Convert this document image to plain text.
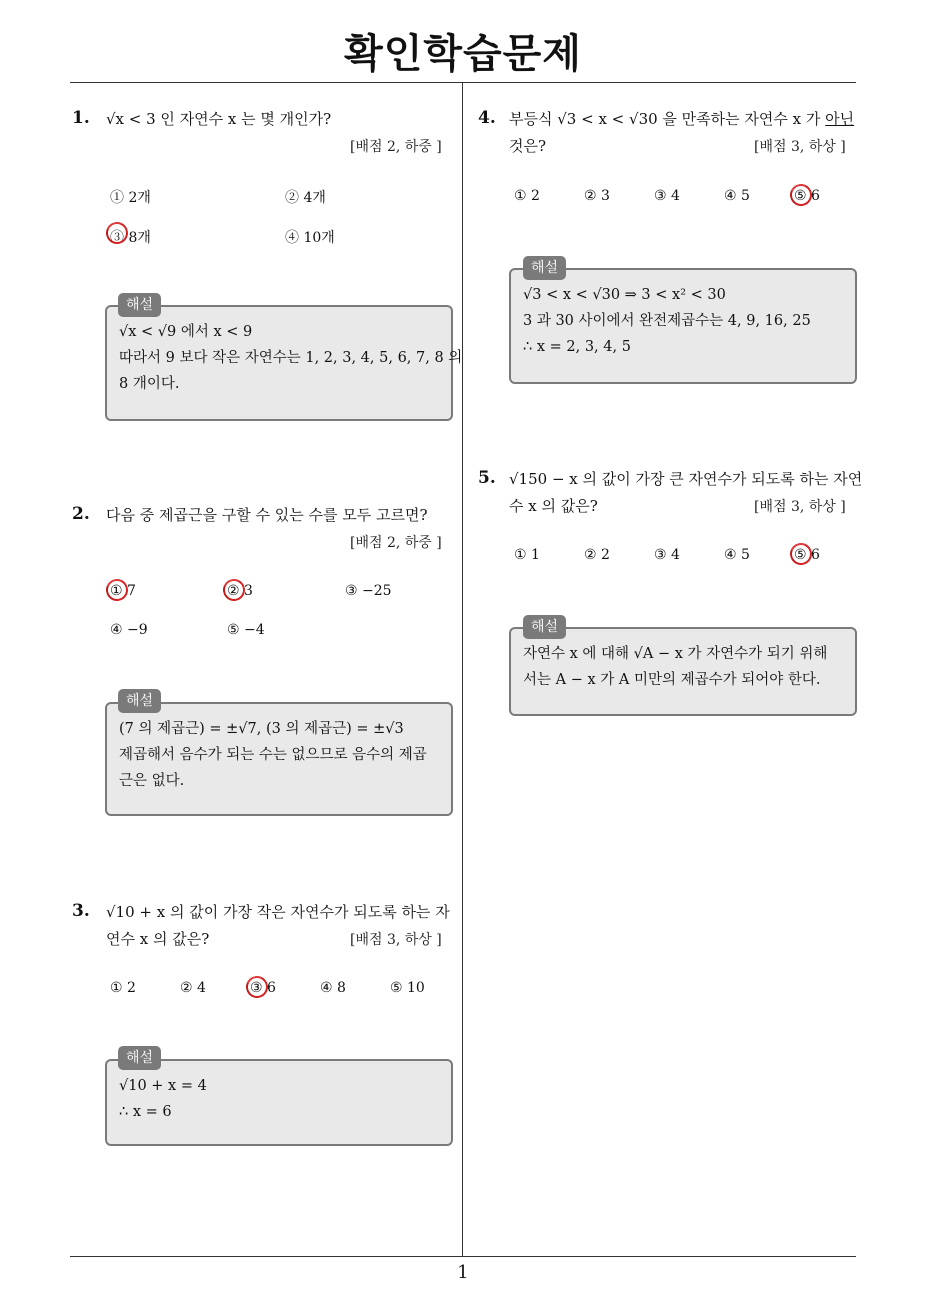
확인학습문제
1. √x < 3 인 자연수 x 는 몇 개인가?
[배점 2, 하중 ]
① 2개	② 4개
③ 8개	④ 10개
√x < √9 에서 x < 9
따라서 9 보다 작은 자연수는 1, 2, 3, 4, 5, 6, 7, 8 의
8 개이다.
해설
2. 다음 중 제곱근을 구할 수 있는 수를 모두 고르면?
[배점 2, 하중 ]
① 7	② 3	③ −25
④ −9	⑤ −4
(7 의 제곱근) = ±√7, (3 의 제곱근) = ±√3
제곱해서 음수가 되는 수는 없으므로 음수의 제곱
근은 없다.
해설
3. √10 + x 의 값이 가장 작은 자연수가 되도록 하는 자
연수 x 의 값은?	[배점 3, 하상 ]
① 2	② 4	③ 6	④ 8	⑤ 10
√10 + x = 4
∴ x = 6
해설
4. 부등식 √3 < x < √30 을 만족하는 자연수 x 가 아닌
것은?	[배점 3, 하상 ]
① 2	② 3	③ 4	④ 5	⑤ 6
√3 < x < √30 ⇒ 3 < x² < 30
3 과 30 사이에서 완전제곱수는 4, 9, 16, 25
∴ x = 2, 3, 4, 5
해설
5. √150 − x 의 값이 가장 큰 자연수가 되도록 하는 자연
수 x 의 값은?	[배점 3, 하상 ]
① 1	② 2	③ 4	④ 5	⑤ 6
자연수 x 에 대해 √A − x 가 자연수가 되기 위해
서는 A − x 가 A 미만의 제곱수가 되어야 한다.
해설
1
